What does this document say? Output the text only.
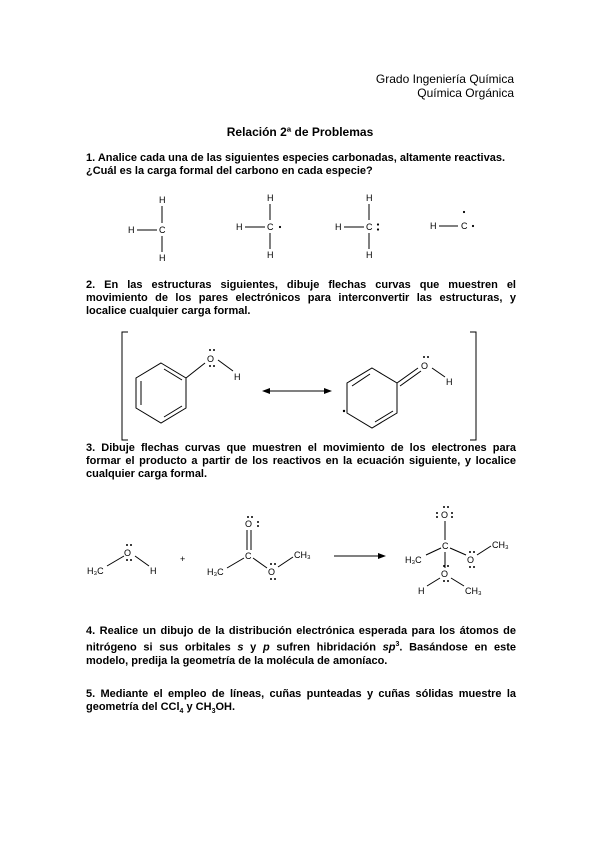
Grado Ingeniería Química
Química Orgánica
Relación 2ª de Problemas
1. Analice cada una de las siguientes especies carbonadas, altamente reactivas.
¿Cuál es la carga formal del carbono en cada especie?
H
H	C
H
H
H	C
H
H
H	C
H
H	C
O
H
O
H
H₃C
O
H
+
O
C
H₃C	O
CH₃
O
C
H₃C	O
CH₃
O
H	CH₃
2. En las estructuras siguientes, dibuje flechas curvas que muestren el movimiento de los pares electrónicos para interconvertir las estructuras, y localice cualquier carga formal.
3. Dibuje flechas curvas que muestren el movimiento de los electrones para formar el producto a partir de los reactivos en la ecuación siguiente, y localice cualquier carga formal.
4. Realice un dibujo de la distribución electrónica esperada para los átomos de nitrógeno si sus orbitales s y p sufren hibridación $sp^3$. Basándose en este modelo, predija la geometría de la molécula de amoníaco.
5. Mediante el empleo de líneas, cuñas punteadas y cuñas sólidas muestre la geometría del CCl$_4$ y $CH_3OH$.
